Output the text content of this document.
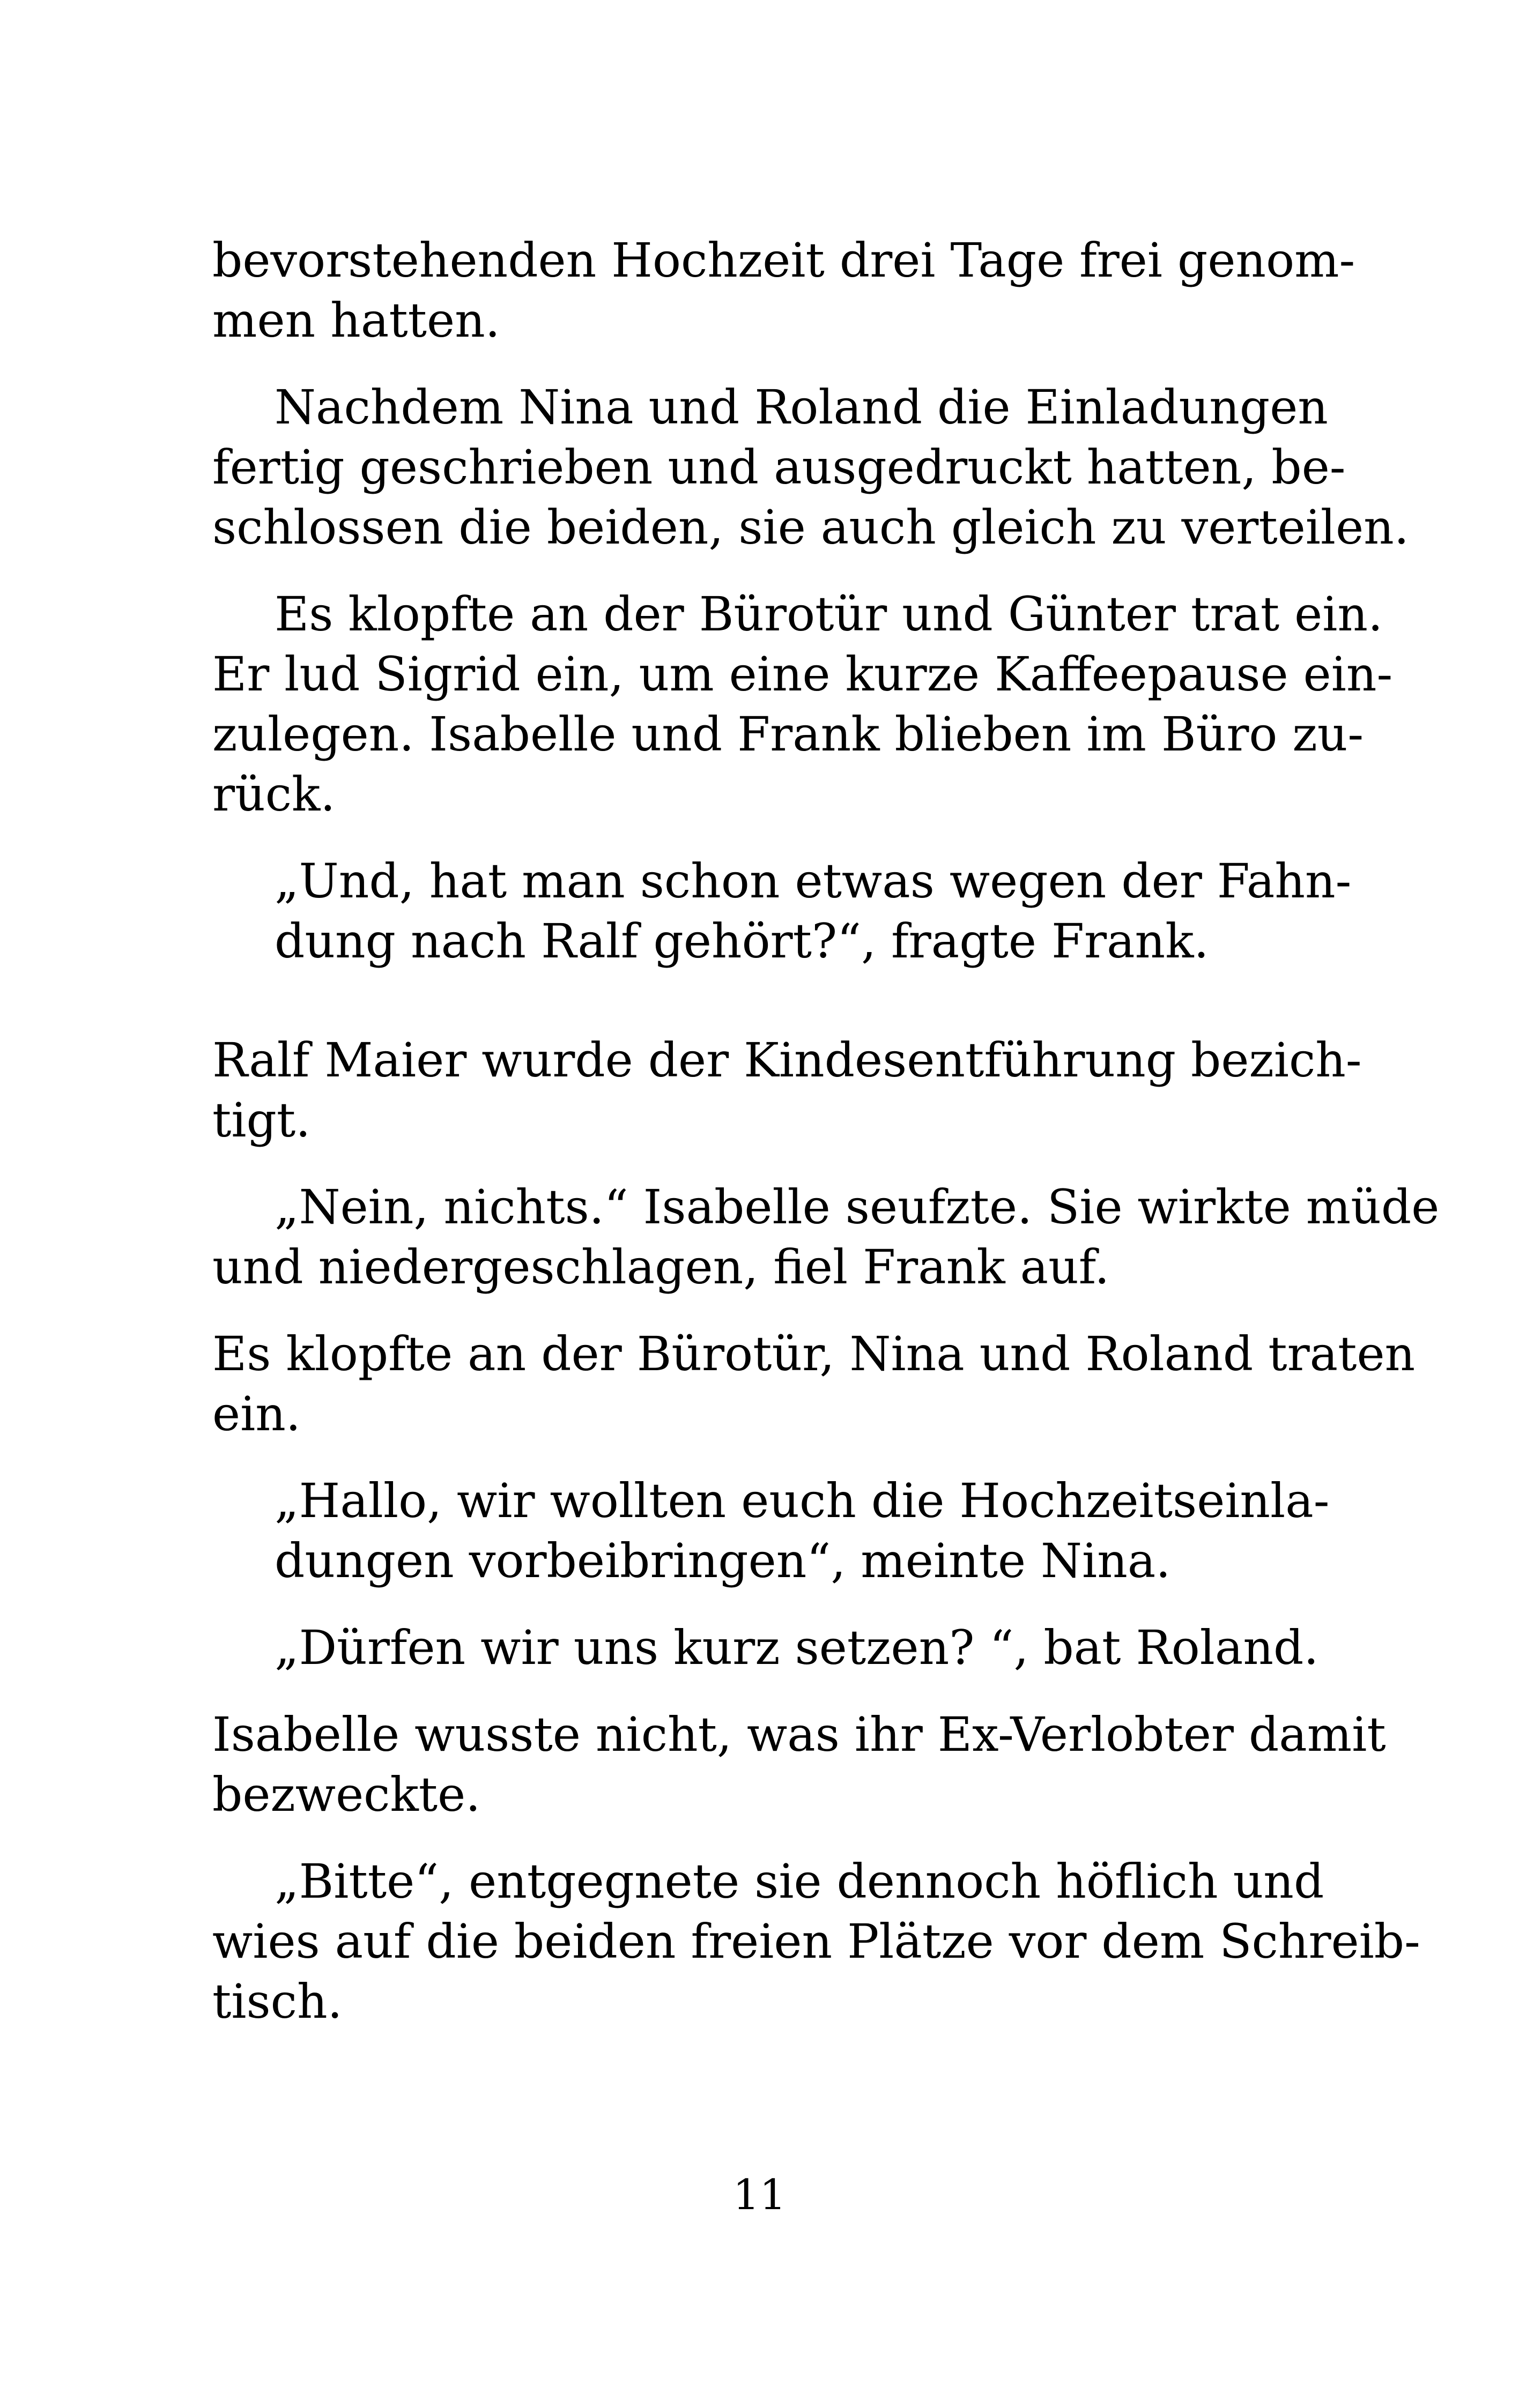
bevorstehenden Hochzeit drei Tage frei genom-
men hatten.
Nachdem Nina und Roland die Einladungen
fertig geschrieben und ausgedruckt hatten, be-
schlossen die beiden, sie auch gleich zu verteilen.
Es klopfte an der Bürotür und Günter trat ein.
Er lud Sigrid ein, um eine kurze Kaffeepause ein-
zulegen. Isabelle und Frank blieben im Büro zu-
rück.
„Und, hat man schon etwas wegen der Fahn-
dung nach Ralf gehört?“, fragte Frank.
Ralf Maier wurde der Kindesentführung bezich-
tigt.
„Nein, nichts.“ Isabelle seufzte. Sie wirkte müde
und niedergeschlagen, fiel Frank auf.
Es klopfte an der Bürotür, Nina und Roland traten
ein.
„Hallo, wir wollten euch die Hochzeitseinla-
dungen vorbeibringen“, meinte Nina.
„Dürfen wir uns kurz setzen? “, bat Roland.
Isabelle wusste nicht, was ihr Ex-Verlobter damit
bezweckte.
„Bitte“, entgegnete sie dennoch höflich und
wies auf die beiden freien Plätze vor dem Schreib-
tisch.
11
